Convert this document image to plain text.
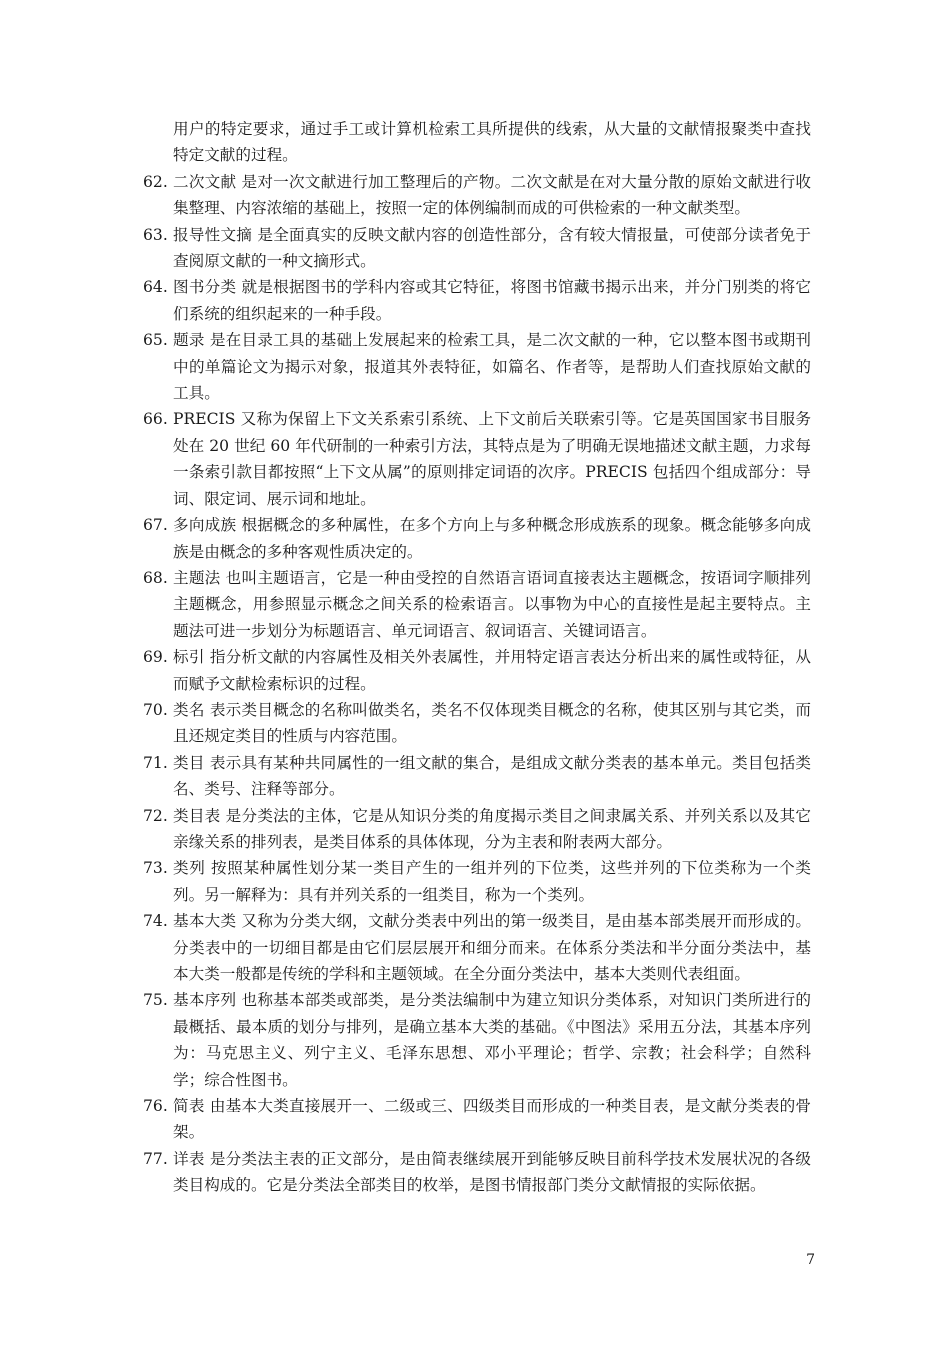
用户的特定要求，通过手工或计算机检索工具所提供的线索，从大量的文献情报聚类中查找特定文献的过程。
62. 二次文献 是对一次文献进行加工整理后的产物。二次文献是在对大量分散的原始文献进行收集整理、内容浓缩的基础上，按照一定的体例编制而成的可供检索的一种文献类型。
63. 报导性文摘 是全面真实的反映文献内容的创造性部分，含有较大情报量，可使部分读者免于查阅原文献的一种文摘形式。
64. 图书分类 就是根据图书的学科内容或其它特征，将图书馆藏书揭示出来，并分门别类的将它们系统的组织起来的一种手段。
65. 题录 是在目录工具的基础上发展起来的检索工具，是二次文献的一种，它以整本图书或期刊中的单篇论文为揭示对象，报道其外表特征，如篇名、作者等，是帮助人们查找原始文献的工具。
66. PRECIS 又称为保留上下文关系索引系统、上下文前后关联索引等。它是英国国家书目服务处在 20 世纪 60 年代研制的一种索引方法，其特点是为了明确无误地描述文献主题，力求每一条索引款目都按照“上下文从属”的原则排定词语的次序。PRECIS 包括四个组成部分：导词、限定词、展示词和地址。
67. 多向成族 根据概念的多种属性，在多个方向上与多种概念形成族系的现象。概念能够多向成族是由概念的多种客观性质决定的。
68. 主题法 也叫主题语言，它是一种由受控的自然语言语词直接表达主题概念，按语词字顺排列主题概念，用参照显示概念之间关系的检索语言。以事物为中心的直接性是起主要特点。主题法可进一步划分为标题语言、单元词语言、叙词语言、关键词语言。
69. 标引 指分析文献的内容属性及相关外表属性，并用特定语言表达分析出来的属性或特征，从而赋予文献检索标识的过程。
70. 类名 表示类目概念的名称叫做类名，类名不仅体现类目概念的名称，使其区别与其它类，而且还规定类目的性质与内容范围。
71. 类目 表示具有某种共同属性的一组文献的集合，是组成文献分类表的基本单元。类目包括类名、类号、注释等部分。
72. 类目表 是分类法的主体，它是从知识分类的角度揭示类目之间隶属关系、并列关系以及其它亲缘关系的排列表，是类目体系的具体体现，分为主表和附表两大部分。
73. 类列 按照某种属性划分某一类目产生的一组并列的下位类，这些并列的下位类称为一个类列。另一解释为：具有并列关系的一组类目，称为一个类列。
74. 基本大类 又称为分类大纲，文献分类表中列出的第一级类目，是由基本部类展开而形成的。分类表中的一切细目都是由它们层层展开和细分而来。在体系分类法和半分面分类法中，基本大类一般都是传统的学科和主题领域。在全分面分类法中，基本大类则代表组面。
75. 基本序列 也称基本部类或部类，是分类法编制中为建立知识分类体系，对知识门类所进行的最概括、最本质的划分与排列，是确立基本大类的基础。《中图法》采用五分法，其基本序列为：马克思主义、列宁主义、毛泽东思想、邓小平理论；哲学、宗教；社会科学；自然科学；综合性图书。
76. 简表 由基本大类直接展开一、二级或三、四级类目而形成的一种类目表，是文献分类表的骨架。
77. 详表 是分类法主表的正文部分，是由简表继续展开到能够反映目前科学技术发展状况的各级类目构成的。它是分类法全部类目的枚举，是图书情报部门类分文献情报的实际依据。
7
